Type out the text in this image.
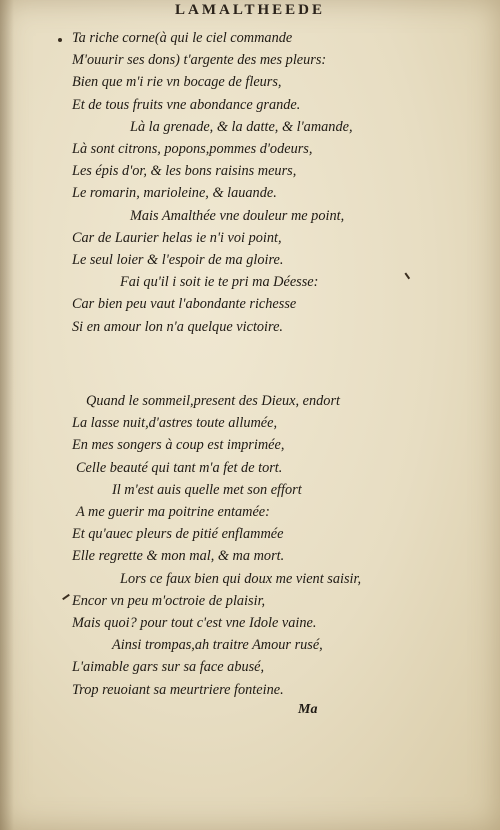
LAMALTHEEDE
Ta riche corne(à qui le ciel commande
M'ouurir ses dons) t'argente des mes pleurs:
Bien que m'i rie vn bocage de fleurs,
Et de tous fruits vne abondance grande.
Là la grenade, & la datte, & l'amande,
Là sont citrons, popons,pommes d'odeurs,
Les épis d'or, & les bons raisins meurs,
Le romarin, marioleine, & lauande.
Mais Amalthée vne douleur me point,
Car de Laurier helas ie n'i voi point,
Le seul loier & l'espoir de ma gloire.
Fai qu'il i soit ie te pri ma Déesse:
Car bien peu vaut l'abondante richesse
Si en amour lon n'a quelque victoire.
Quand le sommeil,present des Dieux, endort
La lasse nuit,d'astres toute allumée,
En mes songers à coup est imprimée,
Celle beauté qui tant m'a fet de tort.
Il m'est auis quelle met son effort
A me guerir ma poitrine entamée:
Et qu'auec pleurs de pitié enflammée
Elle regrette & mon mal, & ma mort.
Lors ce faux bien qui doux me vient saisir,
Encor vn peu m'octroie de plaisir,
Mais quoi? pour tout c'est vne Idole vaine.
Ainsi trompas,ah traitre Amour rusé,
L'aimable gars sur sa face abusé,
Trop reuoiant sa meurtriere fonteine.
Ma
